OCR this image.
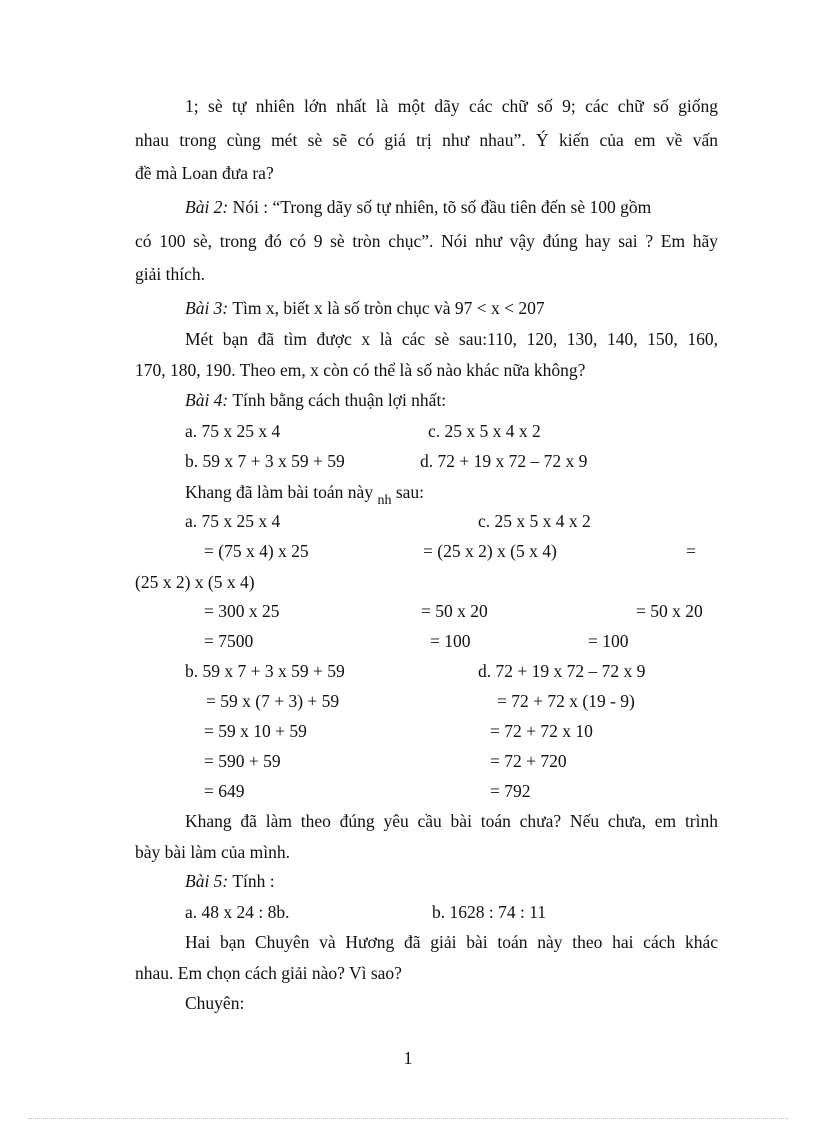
1; sè tự nhiên lớn nhất là một dãy các chữ số 9; các chữ số giống
nhau trong cùng mét sè sẽ có giá trị như nhau”. Ý kiến của em về vấn
đề mà Loan đưa ra?
Bài 2: Nói : “Trong dãy số tự nhiên, tõ số đầu tiên đến sè 100 gồm
có 100 sè, trong đó có 9 sè tròn chục”. Nói như vậy đúng hay sai ? Em hãy
giải thích.
Bài 3: Tìm x, biết x là số tròn chục và 97 < x < 207
Mét bạn đã tìm được x là các sè sau:110, 120, 130, 140, 150, 160,
170, 180, 190. Theo em, x còn có thể là số nào khác nữa không?
Bài 4: Tính bằng cách thuận lợi nhất:
a. 75 x 25 x 4	c. 25 x 5 x 4 x 2
b. 59 x 7 + 3 x 59 + 59	d. 72 + 19 x 72 – 72 x 9
Khang đã làm bài toán này $_{nh}$ sau:
a. 75 x 25 x 4	c. 25 x 5 x 4 x 2
= (75 x 4) x 25	= (25 x 2) x (5 x 4)	=
(25 x 2) x (5 x 4)
= 300 x 25	= 50 x 20	= 50 x 20
= 7500	= 100	= 100
b. 59 x 7 + 3 x 59 + 59	d. 72 + 19 x 72 – 72 x 9
= 59 x (7 + 3) + 59	= 72 + 72 x (19 - 9)
= 59 x 10 + 59	= 72 + 72 x 10
= 590 + 59	= 72 + 720
= 649	= 792
Khang đã làm theo đúng yêu cầu bài toán chưa? Nếu chưa, em trình
bày bài làm của mình.
Bài 5: Tính :
a. 48 x 24 : 8b.	b. 1628 : 74 : 11
Hai bạn Chuyên và Hương đã giải bài toán này theo hai cách khác
nhau. Em chọn cách giải nào? Vì sao?
Chuyên:
1
